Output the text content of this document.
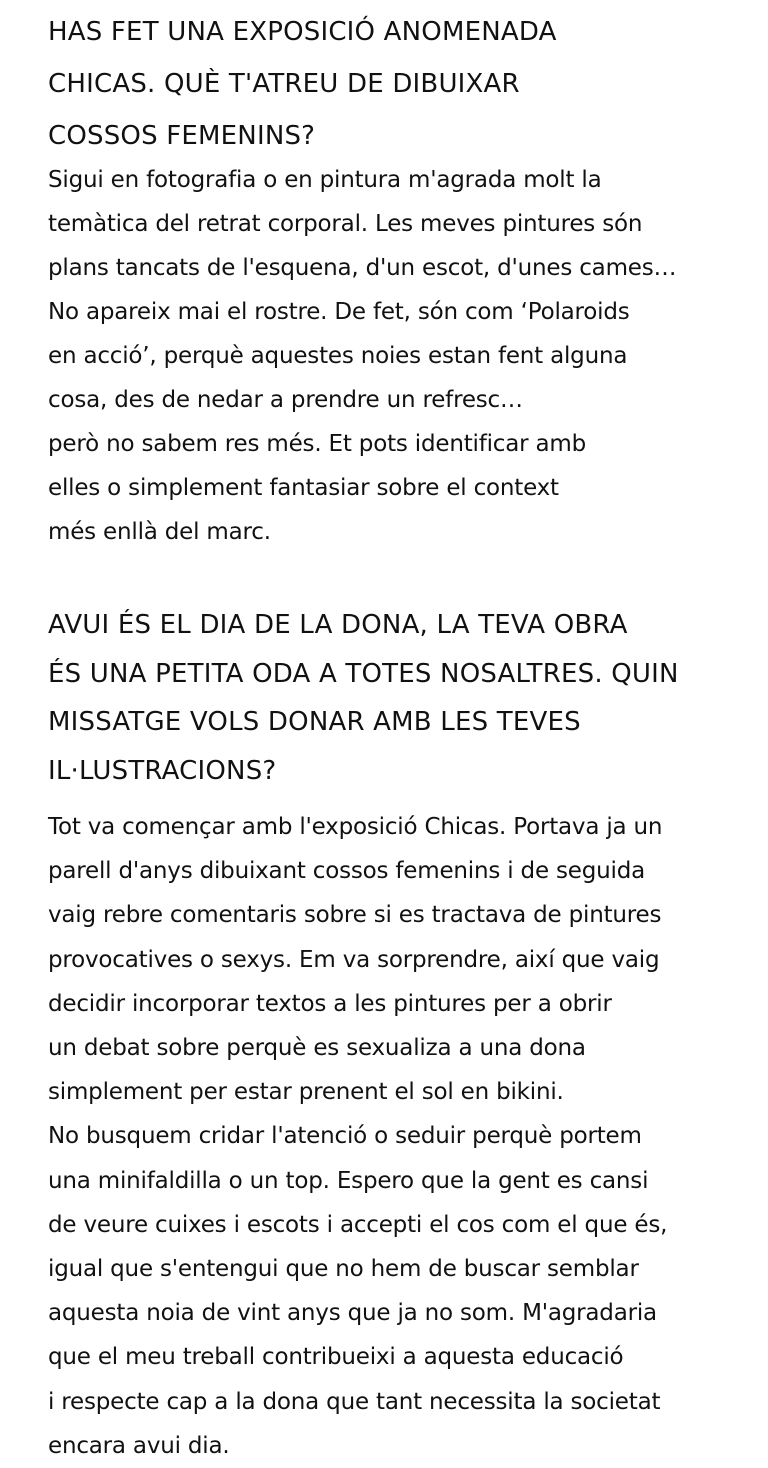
HAS FET UNA EXPOSICIÓ ANOMENADA
CHICAS. QUÈ T'ATREU DE DIBUIXAR
COSSOS FEMENINS?

Sigui en fotografia o en pintura m'agrada molt la
temàtica del retrat corporal. Les meves pintures són
plans tancats de l'esquena, d'un escot, d'unes cames…
No apareix mai el rostre. De fet, són com ‘Polaroids
en acció’, perquè aquestes noies estan fent alguna
cosa, des de nedar a prendre un refresc…
però no sabem res més. Et pots identificar amb
elles o simplement fantasiar sobre el context
més enllà del marc.

AVUI ÉS EL DIA DE LA DONA, LA TEVA OBRA
ÉS UNA PETITA ODA A TOTES NOSALTRES. QUIN
MISSATGE VOLS DONAR AMB LES TEVES
IL·LUSTRACIONS?

Tot va començar amb l'exposició Chicas. Portava ja un
parell d'anys dibuixant cossos femenins i de seguida
vaig rebre comentaris sobre si es tractava de pintures
provocatives o sexys. Em va sorprendre, així que vaig
decidir incorporar textos a les pintures per a obrir
un debat sobre perquè es sexualiza a una dona
simplement per estar prenent el sol en bikini.
No busquem cridar l'atenció o seduir perquè portem
una minifaldilla o un top. Espero que la gent es cansi
de veure cuixes i escots i accepti el cos com el que és,
igual que s'entengui que no hem de buscar semblar
aquesta noia de vint anys que ja no som. M'agradaria
que el meu treball contribueixi a aquesta educació
i respecte cap a la dona que tant necessita la societat
encara avui dia.
